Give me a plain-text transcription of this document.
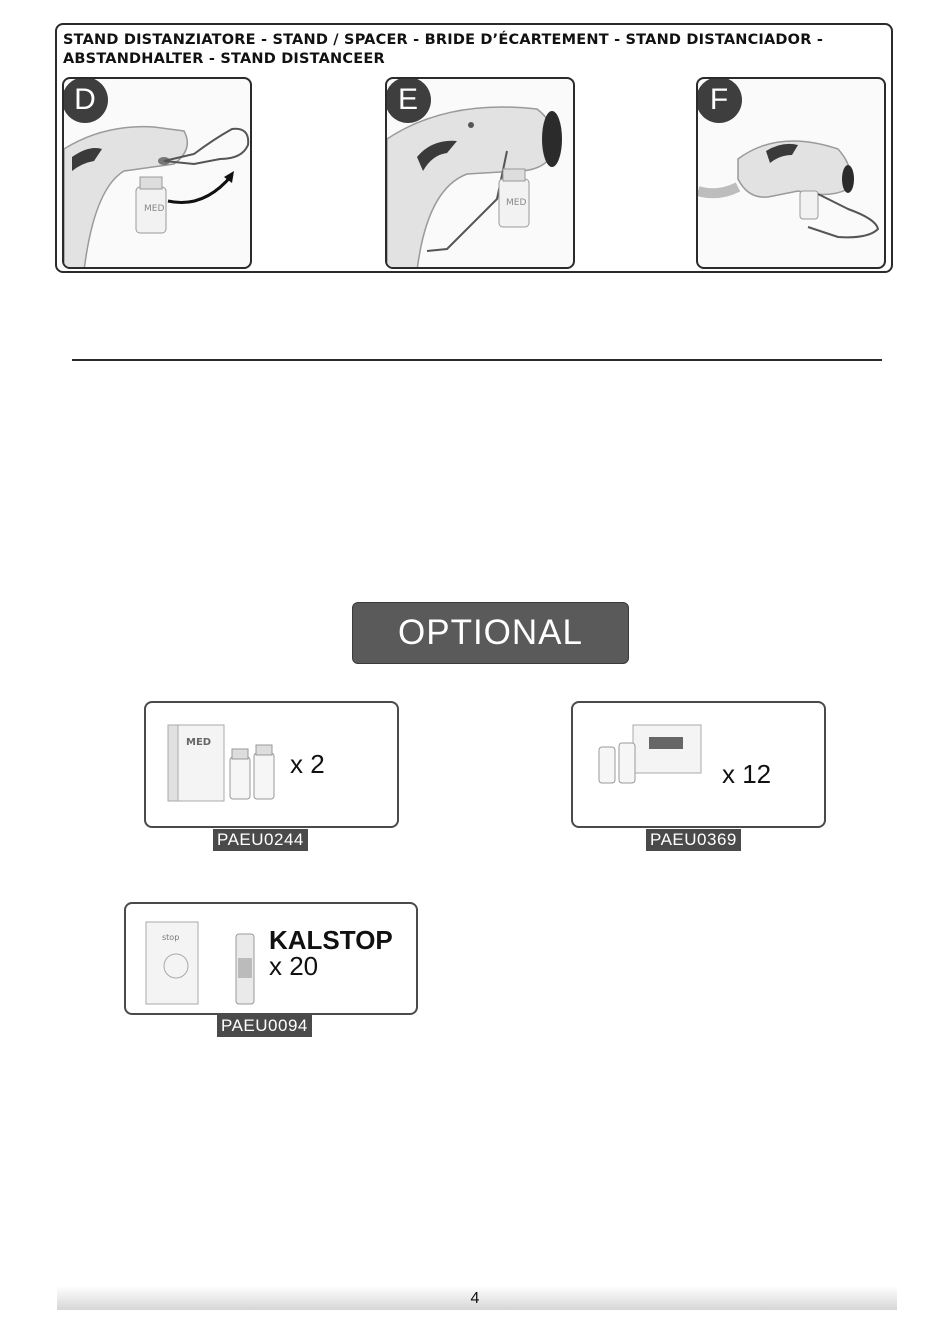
STAND DISTANZIATORE - STAND / SPACER - BRIDE D’ÉCARTEMENT - STAND DISTANCIADOR - ABSTANDHALTER - STAND DISTANCEER
MED
D
MED
E	F
OPTIONAL
MED
x 2
PAEU0244
x 12
PAEU0369
stop	KALSTOP
x 20
PAEU0094
4
